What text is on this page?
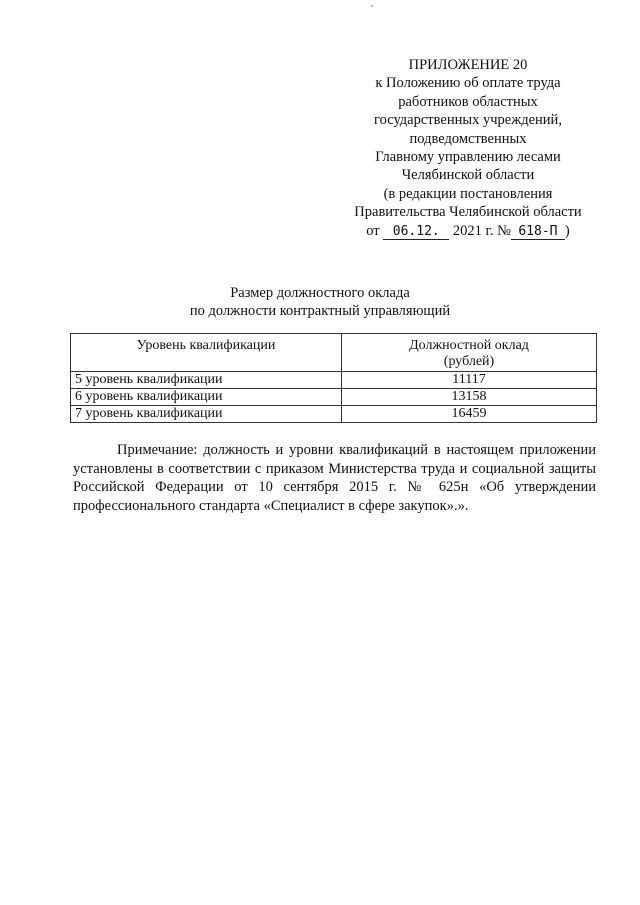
ПРИЛОЖЕНИЕ 20
к Положению об оплате труда
работников областных
государственных учреждений,
подведомственных
Главному управлению лесами
Челябинской области
(в редакции постановления
Правительства Челябинской области
от 06.12. 2021 г. № 618-П )
Размер должностного оклада
по должности контрактный управляющий
Уровень квалификации	Должностной оклад
(рублей)
5 уровень квалификации	11117
6 уровень квалификации	13158
7 уровень квалификации	16459
Примечание: должность и уровни квалификаций в настоящем приложении установлены в соответствии с приказом Министерства труда и социальной защиты Российской Федерации от 10 сентября 2015 г. № 625н «Об утверждении профессионального стандарта «Специалист в сфере закупок».».
